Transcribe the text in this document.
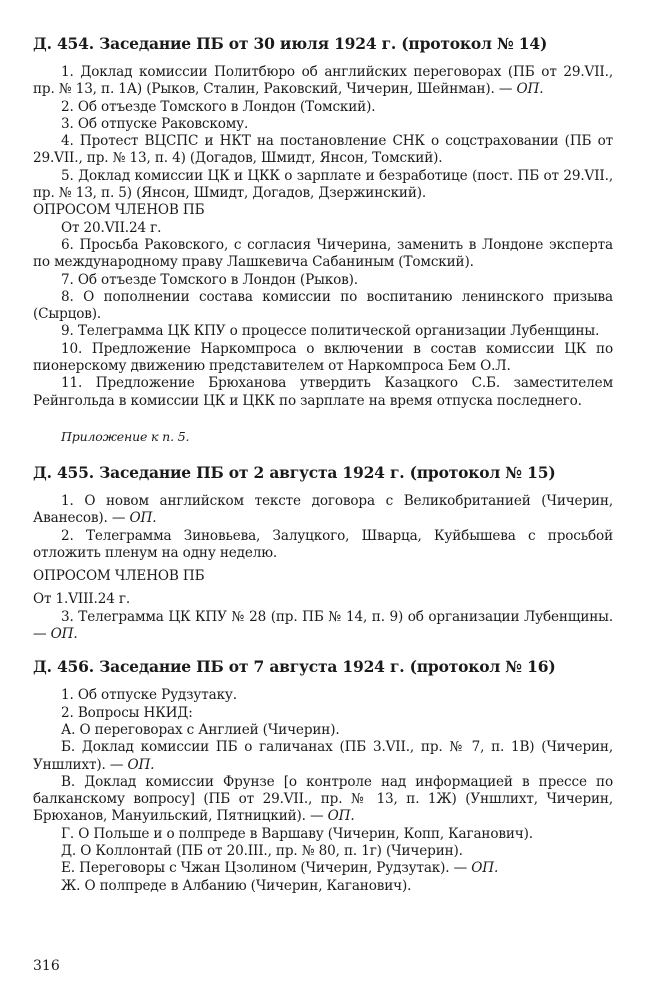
Д. 454. Заседание ПБ от 30 июля 1924 г. (протокол № 14)

1. Доклад комиссии Политбюро об английских переговорах (ПБ от 29.VII., пр. № 13, п. 1А) (Рыков, Сталин, Раковский, Чичерин, Шейнман). — ОП.

2. Об отъезде Томского в Лондон (Томский).

3. Об отпуске Раковскому.

4. Протест ВЦСПС и НКТ на постановление СНК о соцстраховании (ПБ от 29.VII., пр. № 13, п. 4) (Догадов, Шмидт, Янсон, Томский).

5. Доклад комиссии ЦК и ЦКК о зарплате и безработице (пост. ПБ от 29.VII., пр. № 13, п. 5) (Янсон, Шмидт, Догадов, Дзержинский).

ОПРОСОМ ЧЛЕНОВ ПБ

От 20.VII.24 г.

6. Просьба Раковского, с согласия Чичерина, заменить в Лондоне эксперта по международному праву Лашкевича Сабаниным (Томский).

7. Об отъезде Томского в Лондон (Рыков).

8. О пополнении состава комиссии по воспитанию ленинского призыва (Сырцов).

9. Телеграмма ЦК КПУ о процессе политической организации Лубенщины.

10. Предложение Наркомпроса о включении в состав комиссии ЦК по пионерскому движению представителем от Наркомпроса Бем О.Л.

11. Предложение Брюханова утвердить Казацкого С.Б. заместителем Рейнгольда в комиссии ЦК и ЦКК по зарплате на время отпуска последнего.

Приложение к п. 5.

Д. 455. Заседание ПБ от 2 августа 1924 г. (протокол № 15)

1. О новом английском тексте договора с Великобританией (Чичерин, Аванесов). — ОП.

2. Телеграмма Зиновьева, Залуцкого, Шварца, Куйбышева с просьбой отложить пленум на одну неделю.

ОПРОСОМ ЧЛЕНОВ ПБ

От 1.VIII.24 г.

3. Телеграмма ЦК КПУ № 28 (пр. ПБ № 14, п. 9) об организации Лубенщины. — ОП.

Д. 456. Заседание ПБ от 7 августа 1924 г. (протокол № 16)

1. Об отпуске Рудзутаку.

2. Вопросы НКИД:

А. О переговорах с Англией (Чичерин).

Б. Доклад комиссии ПБ о галичанах (ПБ 3.VII., пр. № 7, п. 1В) (Чичерин, Уншлихт). — ОП.

В. Доклад комиссии Фрунзе [о контроле над информацией в прессе по балканскому вопросу] (ПБ от 29.VII., пр. № 13, п. 1Ж) (Уншлихт, Чичерин, Брюханов, Мануильский, Пятницкий). — ОП.

Г. О Польше и о полпреде в Варшаву (Чичерин, Копп, Каганович).

Д. О Коллонтай (ПБ от 20.III., пр. № 80, п. 1г) (Чичерин).

Е. Переговоры с Чжан Цзолином (Чичерин, Рудзутак). — ОП.

Ж. О полпреде в Албанию (Чичерин, Каганович).

316
